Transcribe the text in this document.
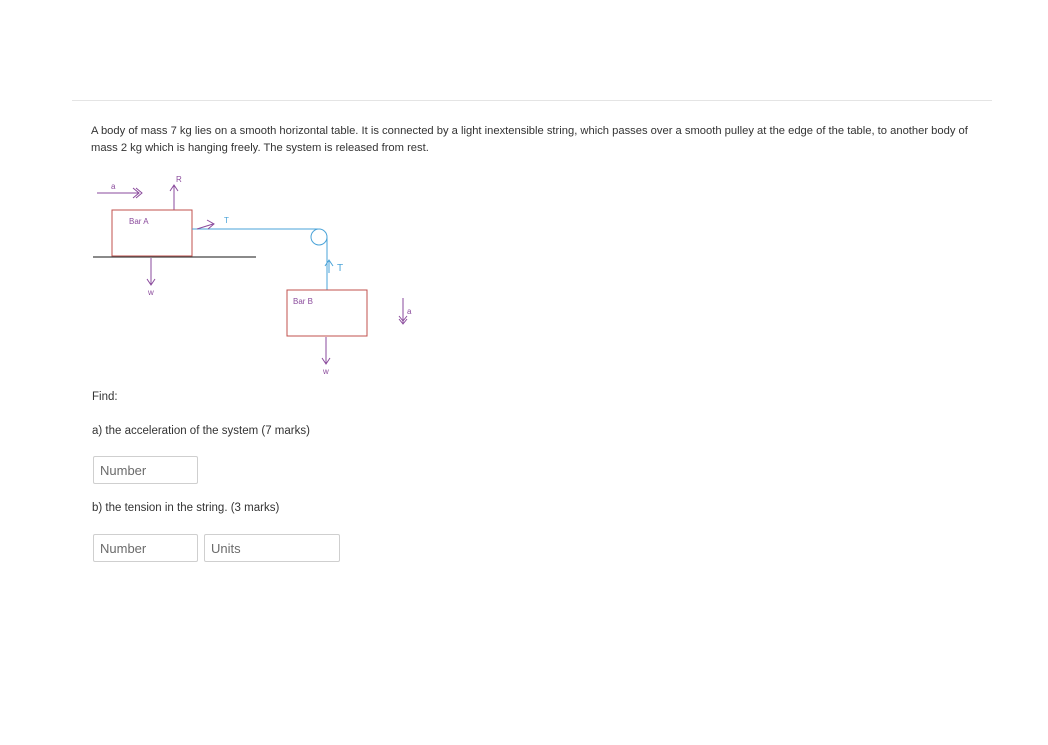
A body of mass 7 kg lies on a smooth horizontal table. It is connected by a light inextensible string, which passes over a smooth pulley at the edge of the table, to another body of mass 2 kg which is hanging freely. The system is released from rest.
a
R
Bar A
w
T
T
Bar B
w
a
Find:
a) the acceleration of the system (7 marks)
Number
b) the tension in the string. (3 marks)
Number
Units
